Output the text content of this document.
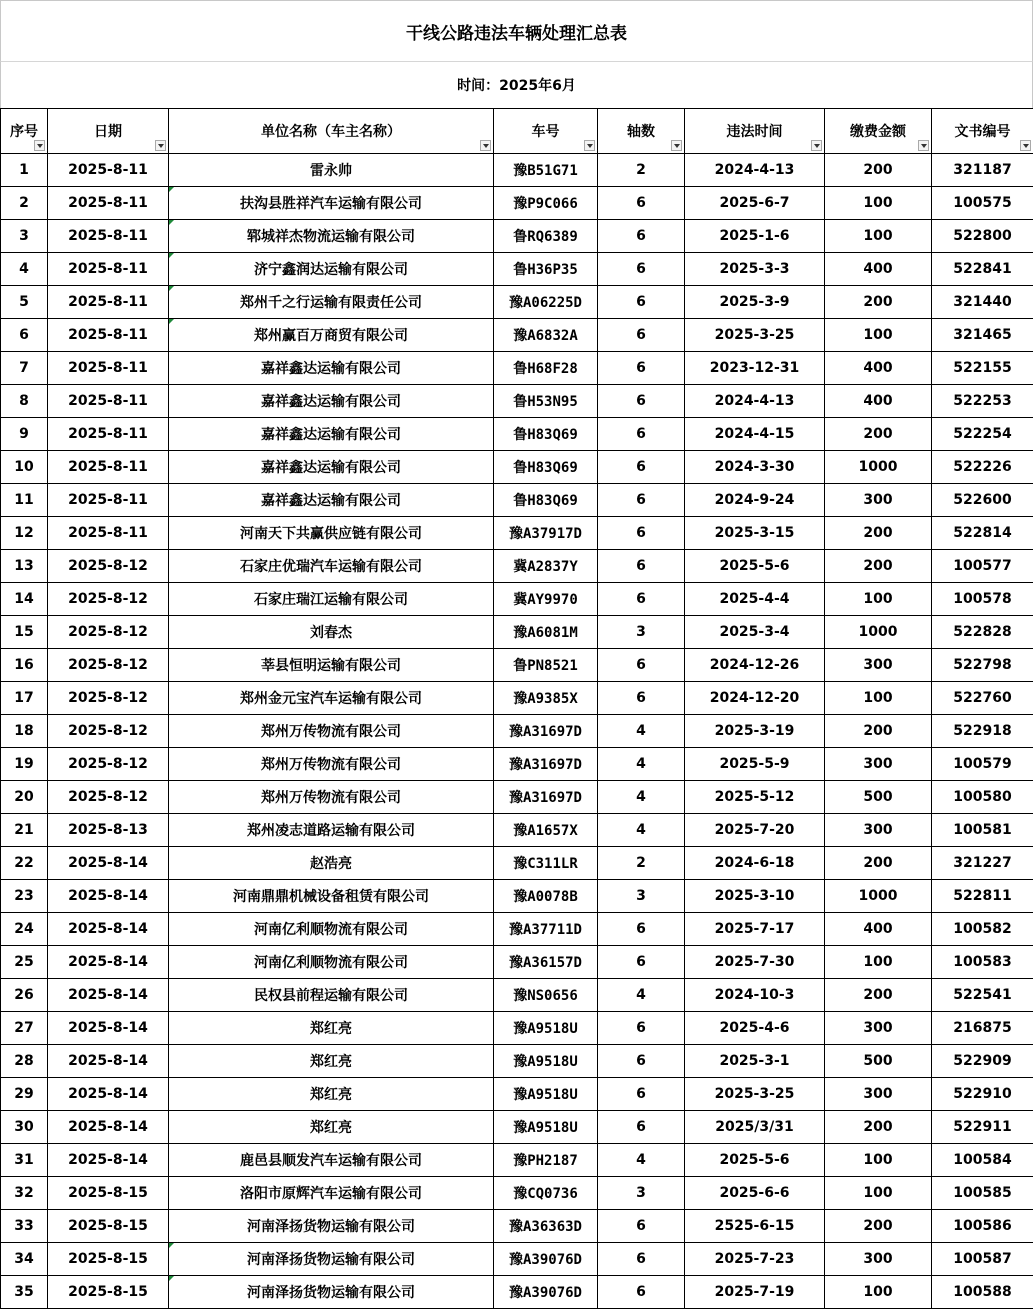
干线公路违法车辆处理汇总表
时间：2025年6月
序号	日期	单位名称（车主名称）	车号	轴数	违法时间	缴费金额	文书编号

1	2025-8-11	雷永帅	豫B51G71	2	2024-4-13	200	321187
2	2025-8-11	扶沟县胜祥汽车运输有限公司	豫P9C066	6	2025-6-7	100	100575
3	2025-8-11	郓城祥杰物流运输有限公司	鲁RQ6389	6	2025-1-6	100	522800
4	2025-8-11	济宁鑫润达运输有限公司	鲁H36P35	6	2025-3-3	400	522841
5	2025-8-11	郑州千之行运输有限责任公司	豫A06225D	6	2025-3-9	200	321440
6	2025-8-11	郑州赢百万商贸有限公司	豫A6832A	6	2025-3-25	100	321465
7	2025-8-11	嘉祥鑫达运输有限公司	鲁H68F28	6	2023-12-31	400	522155
8	2025-8-11	嘉祥鑫达运输有限公司	鲁H53N95	6	2024-4-13	400	522253
9	2025-8-11	嘉祥鑫达运输有限公司	鲁H83Q69	6	2024-4-15	200	522254
10	2025-8-11	嘉祥鑫达运输有限公司	鲁H83Q69	6	2024-3-30	1000	522226
11	2025-8-11	嘉祥鑫达运输有限公司	鲁H83Q69	6	2024-9-24	300	522600
12	2025-8-11	河南天下共赢供应链有限公司	豫A37917D	6	2025-3-15	200	522814
13	2025-8-12	石家庄优瑞汽车运输有限公司	冀A2837Y	6	2025-5-6	200	100577
14	2025-8-12	石家庄瑞江运输有限公司	冀AY9970	6	2025-4-4	100	100578
15	2025-8-12	刘春杰	豫A6081M	3	2025-3-4	1000	522828
16	2025-8-12	莘县恒明运输有限公司	鲁PN8521	6	2024-12-26	300	522798
17	2025-8-12	郑州金元宝汽车运输有限公司	豫A9385X	6	2024-12-20	100	522760
18	2025-8-12	郑州万传物流有限公司	豫A31697D	4	2025-3-19	200	522918
19	2025-8-12	郑州万传物流有限公司	豫A31697D	4	2025-5-9	300	100579
20	2025-8-12	郑州万传物流有限公司	豫A31697D	4	2025-5-12	500	100580
21	2025-8-13	郑州凌志道路运输有限公司	豫A1657X	4	2025-7-20	300	100581
22	2025-8-14	赵浩亮	豫C311LR	2	2024-6-18	200	321227
23	2025-8-14	河南鼎鼎机械设备租赁有限公司	豫A0078B	3	2025-3-10	1000	522811
24	2025-8-14	河南亿利顺物流有限公司	豫A37711D	6	2025-7-17	400	100582
25	2025-8-14	河南亿利顺物流有限公司	豫A36157D	6	2025-7-30	100	100583
26	2025-8-14	民权县前程运输有限公司	豫NS0656	4	2024-10-3	200	522541
27	2025-8-14	郑红亮	豫A9518U	6	2025-4-6	300	216875
28	2025-8-14	郑红亮	豫A9518U	6	2025-3-1	500	522909
29	2025-8-14	郑红亮	豫A9518U	6	2025-3-25	300	522910
30	2025-8-14	郑红亮	豫A9518U	6	2025/3/31	200	522911
31	2025-8-14	鹿邑县顺发汽车运输有限公司	豫PH2187	4	2025-5-6	100	100584
32	2025-8-15	洛阳市原辉汽车运输有限公司	豫CQ0736	3	2025-6-6	100	100585
33	2025-8-15	河南泽扬货物运输有限公司	豫A36363D	6	2525-6-15	200	100586
34	2025-8-15	河南泽扬货物运输有限公司	豫A39076D	6	2025-7-23	300	100587
35	2025-8-15	河南泽扬货物运输有限公司	豫A39076D	6	2025-7-19	100	100588
